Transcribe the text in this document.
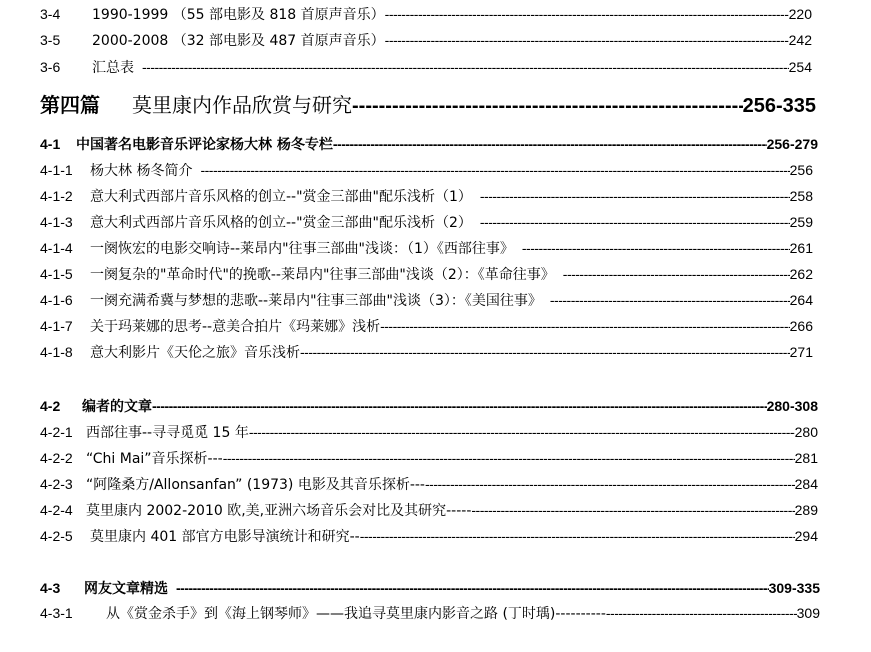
3-4	1990-1999 （55 部电影及 818 首原声音乐） -----	220
3-5	2000-2008 （32 部电影及 487 首原声音乐） -----	242
3-6	汇总表 -----	254
第四篇	莫里康内作品欣赏与研究 -----	256-335
4-1	中国著名电影音乐评论家杨大林 杨冬专栏 -----	256-279
4-1-1	杨大林 杨冬简介 -----	256
4-1-2	意大利式西部片音乐风格的创立--"赏金三部曲"配乐浅析（1） -----	258
4-1-3	意大利式西部片音乐风格的创立--"赏金三部曲"配乐浅析（2） -----	259
4-1-4	一阕恢宏的电影交响诗--莱昂内"往事三部曲"浅谈：（1）《西部往事》 -----	261
4-1-5	一阕复杂的"革命时代"的挽歌--莱昂内"往事三部曲"浅谈（2）：《革命往事》 -----	262
4-1-6	一阕充满希冀与梦想的悲歌--莱昂内"往事三部曲"浅谈（3）：《美国往事》 -----	264
4-1-7	关于玛莱娜的思考--意美合拍片《玛莱娜》浅析 -----	266
4-1-8	意大利影片《天伦之旅》音乐浅析 -----	271
4-2	编者的文章 -----	280-308
4-2-1 西部往事--寻寻觅觅 15 年 -----	280
4-2-2 “Chi Mai”音乐探析--- -----	281
4-2-3 “阿隆桑方/Allonsanfan” (1973) 电影及其音乐探析--- -----	284
4-2-4 莫里康内 2002-2010 欧,美,亚洲六场音乐会对比及其研究----- -----	289
4-2-5	莫里康内 401 部官方电影导演统计和研究-- -----	294
4-3	网友文章精选 -----	309-335
4-3-1	从《赏金杀手》到《海上钢琴师》——我追寻莫里康内影音之路 (丁时瑀)---------- -----	309
